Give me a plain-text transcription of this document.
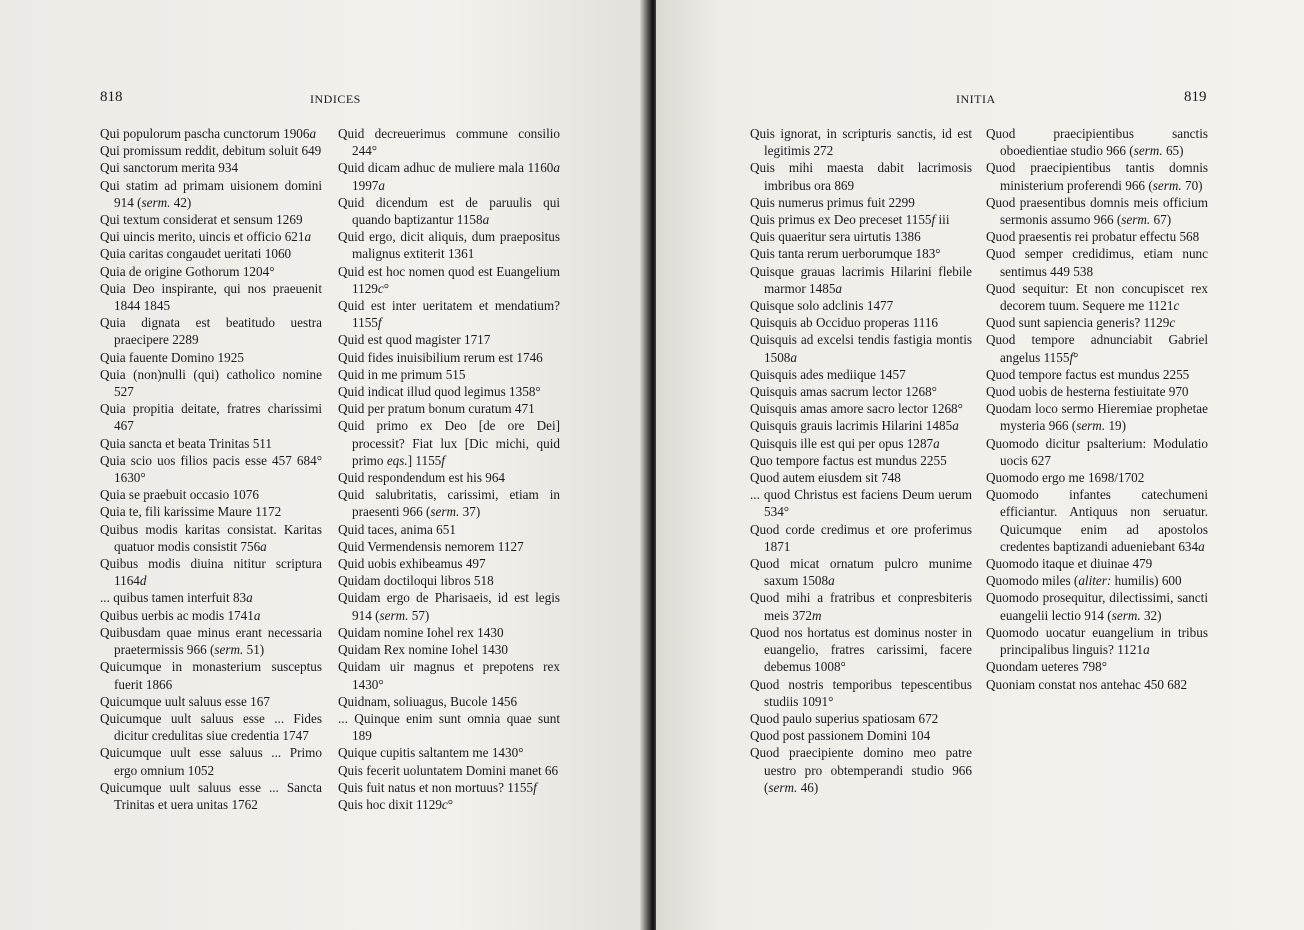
818	INDICES
Qui populorum pascha cunctorum 1906a
Qui promissum reddit, debitum soluit 649
Qui sanctorum merita 934
Qui statim ad primam uisionem domini 914 (serm. 42)
Qui textum considerat et sensum 1269
Qui uincis merito, uincis et officio 621a
Quia caritas congaudet ueritati 1060
Quia de origine Gothorum 1204°
Quia Deo inspirante, qui nos praeuenit 1844 1845
Quia dignata est beatitudo uestra praecipere 2289
Quia fauente Domino 1925
Quia (non)nulli (qui) catholico nomine 527
Quia propitia deitate, fratres charissimi 467
Quia sancta et beata Trinitas 511
Quia scio uos filios pacis esse 457 684° 1630°
Quia se praebuit occasio 1076
Quia te, fili karissime Maure 1172
Quibus modis karitas consistat. Karitas quatuor modis consistit 756a
Quibus modis diuina nititur scriptura 1164d
... quibus tamen interfuit 83a
Quibus uerbis ac modis 1741a
Quibusdam quae minus erant necessaria praetermissis 966 (serm. 51)
Quicumque in monasterium susceptus fuerit 1866
Quicumque uult saluus esse 167
Quicumque uult saluus esse ... Fides dicitur credulitas siue credentia 1747
Quicumque uult esse saluus ... Primo ergo omnium 1052
Quicumque uult saluus esse ... Sancta Trinitas et uera unitas 1762
Quid decreuerimus commune consilio 244°
Quid dicam adhuc de muliere mala 1160a 1997a
Quid dicendum est de paruulis qui quando baptizantur 1158a
Quid ergo, dicit aliquis, dum praepositus malignus extiterit 1361
Quid est hoc nomen quod est Euangelium 1129c°
Quid est inter ueritatem et mendatium? 1155f
Quid est quod magister 1717
Quid fides inuisibilium rerum est 1746
Quid in me primum 515
Quid indicat illud quod legimus 1358°
Quid per pratum bonum curatum 471
Quid primo ex Deo [de ore Dei] processit? Fiat lux [Dic michi, quid primo eqs.] 1155f
Quid respondendum est his 964
Quid salubritatis, carissimi, etiam in praesenti 966 (serm. 37)
Quid taces, anima 651
Quid Vermendensis nemorem 1127
Quid uobis exhibeamus 497
Quidam doctiloqui libros 518
Quidam ergo de Pharisaeis, id est legis 914 (serm. 57)
Quidam nomine Iohel rex 1430
Quidam Rex nomine Iohel 1430
Quidam uir magnus et prepotens rex 1430°
Quidnam, soliuagus, Bucole 1456
... Quinque enim sunt omnia quae sunt 189
Quique cupitis saltantem me 1430°
Quis fecerit uoluntatem Domini manet 66
Quis fuit natus et non mortuus? 1155f
Quis hoc dixit 1129c°
819
INITIA
Quis ignorat, in scripturis sanctis, id est legitimis 272
Quis mihi maesta dabit lacrimosis imbribus ora 869
Quis numerus primus fuit 2299
Quis primus ex Deo preceset 1155f iii
Quis quaeritur sera uirtutis 1386
Quis tanta rerum uerborumque 183°
Quisque grauas lacrimis Hilarini flebile marmor 1485a
Quisque solo adclinis 1477
Quisquis ab Occiduo properas 1116
Quisquis ad excelsi tendis fastigia montis 1508a
Quisquis ades mediique 1457
Quisquis amas sacrum lector 1268°
Quisquis amas amore sacro lector 1268°
Quisquis grauis lacrimis Hilarini 1485a
Quisquis ille est qui per opus 1287a
Quo tempore factus est mundus 2255
Quod autem eiusdem sit 748
... quod Christus est faciens Deum uerum 534°
Quod corde credimus et ore proferimus 1871
Quod micat ornatum pulcro munime saxum 1508a
Quod mihi a fratribus et conpresbiteris meis 372m
Quod nos hortatus est dominus noster in euangelio, fratres carissimi, facere debemus 1008°
Quod nostris temporibus tepescentibus studiis 1091°
Quod paulo superius spatiosam 672
Quod post passionem Domini 104
Quod praecipiente domino meo patre uestro pro obtemperandi studio 966 (serm. 46)
Quod praecipientibus sanctis oboedientiae studio 966 (serm. 65)
Quod praecipientibus tantis domnis ministerium proferendi 966 (serm. 70)
Quod praesentibus domnis meis officium sermonis assumo 966 (serm. 67)
Quod praesentis rei probatur effectu 568
Quod semper credidimus, etiam nunc sentimus 449 538
Quod sequitur: Et non concupiscet rex decorem tuum. Sequere me 1121c
Quod sunt sapiencia generis? 1129c
Quod tempore adnunciabit Gabriel angelus 1155f°
Quod tempore factus est mundus 2255
Quod uobis de hesterna festiuitate 970
Quodam loco sermo Hieremiae prophetae mysteria 966 (serm. 19)
Quomodo dicitur psalterium: Modulatio uocis 627
Quomodo ergo me 1698/1702
Quomodo infantes catechumeni efficiantur. Antiquus non seruatur. Quicumque enim ad apostolos credentes baptizandi adueniebant 634a
Quomodo itaque et diuinae 479
Quomodo miles (aliter: humilis) 600
Quomodo prosequitur, dilectissimi, sancti euangelii lectio 914 (serm. 32)
Quomodo uocatur euangelium in tribus principalibus linguis? 1121a
Quondam ueteres 798°
Quoniam constat nos antehac 450 682
